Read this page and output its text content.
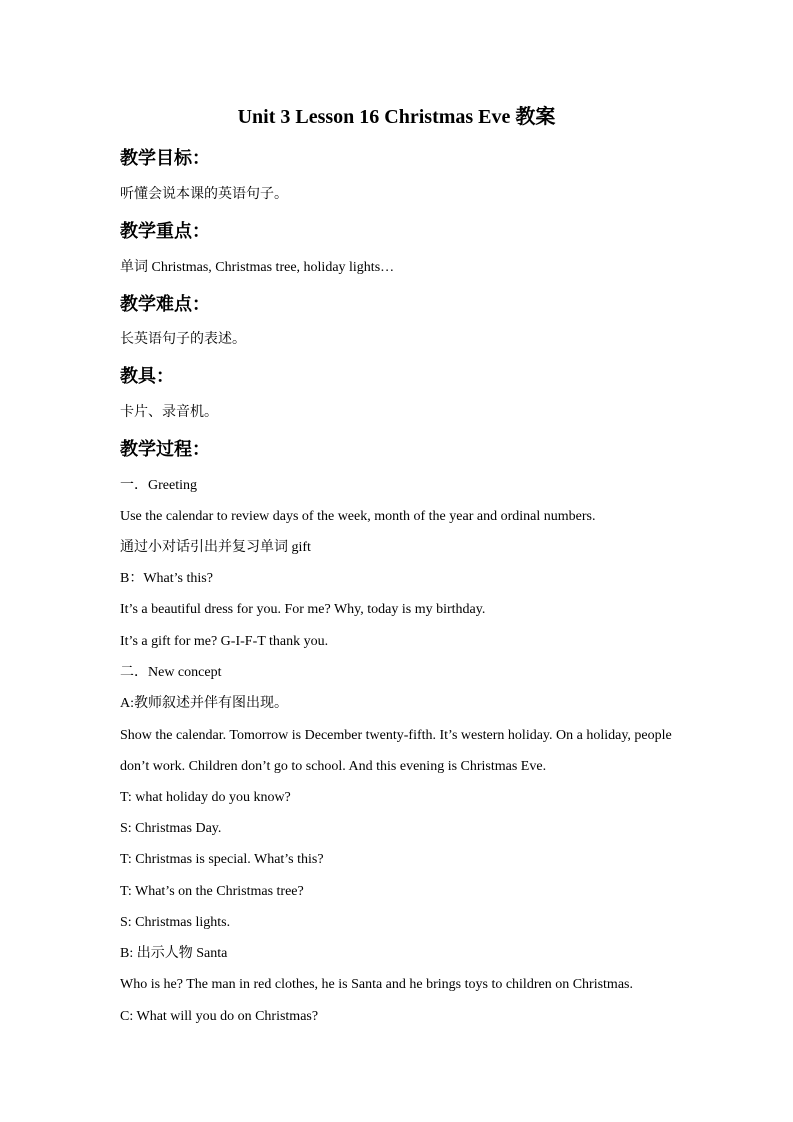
Unit 3 Lesson 16 Christmas Eve 教案
教学目标：
听懂会说本课的英语句子。
教学重点：
单词 Christmas, Christmas tree, holiday lights…
教学难点：
长英语句子的表述。
教具：
卡片、录音机。
教学过程：
一．Greeting
Use the calendar to review days of the week, month of the year and ordinal numbers.
通过小对话引出并复习单词 gift
B：What’s this?
It’s a beautiful dress for you. For me? Why, today is my birthday.
It’s a gift for me? G-I-F-T thank you.
二．New concept
A:教师叙述并伴有图出现。
Show the calendar. Tomorrow is December twenty-fifth. It’s western holiday. On a holiday, people
don’t work. Children don’t go to school. And this evening is Christmas Eve.
T: what holiday do you know?
S: Christmas Day.
T: Christmas is special. What’s this?
T: What’s on the Christmas tree?
S: Christmas lights.
B: 出示人物 Santa
Who is he? The man in red clothes, he is Santa and he brings toys to children on Christmas.
C: What will you do on Christmas?
